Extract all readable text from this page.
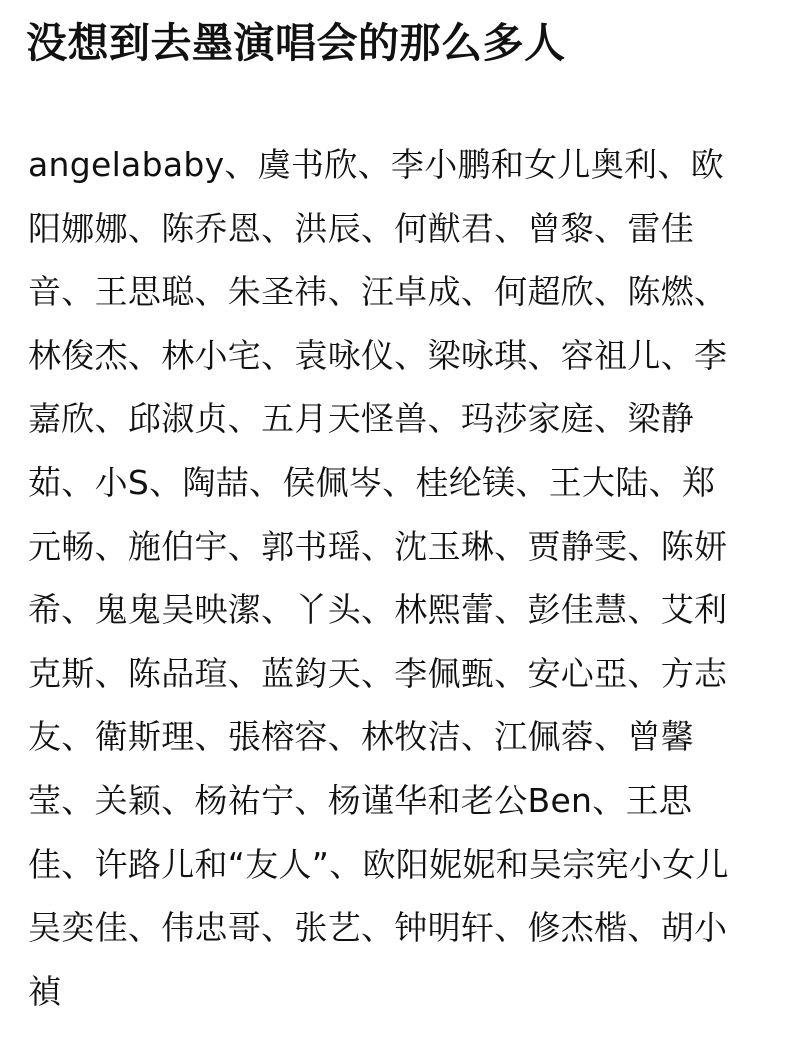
没想到去墨演唱会的那么多人
angelababy、虞书欣、李小鹏和女儿奥利、欧
阳娜娜、陈乔恩、洪辰、何猷君、曾黎、雷佳
音、王思聪、朱圣祎、汪卓成、何超欣、陈燃、
林俊杰、林小宅、袁咏仪、梁咏琪、容祖儿、李
嘉欣、邱淑贞、五月天怪兽、玛莎家庭、梁静
茹、小S、陶喆、侯佩岑、桂纶镁、王大陆、郑
元畅、施伯宇、郭书瑶、沈玉琳、贾静雯、陈妍
希、鬼鬼吴映潔、丫头、林熙蕾、彭佳慧、艾利
克斯、陈品瑄、蓝鈞天、李佩甄、安心亞、方志
友、衛斯理、張榕容、林牧洁、江佩蓉、曾馨
莹、关颖、杨祐宁、杨谨华和老公Ben、王思
佳、许路儿和“友人”、欧阳妮妮和吴宗宪小女儿
吴奕佳、伟忠哥、张艺、钟明轩、修杰楷、胡小
禎
